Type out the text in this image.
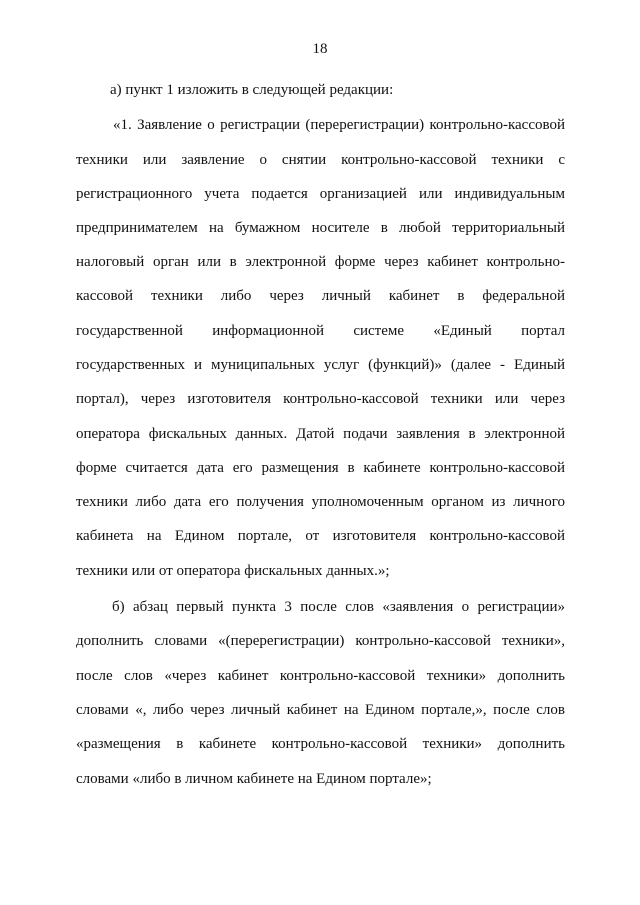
18
а) пункт 1 изложить в следующей редакции:
«1. Заявление о регистрации (перерегистрации) контрольно-кассовой
техники или заявление о снятии контрольно-кассовой техники с
регистрационного учета подается организацией или индивидуальным
предпринимателем на бумажном носителе в любой территориальный
налоговый орган или в электронной форме через кабинет контрольно-
кассовой техники либо через личный кабинет в федеральной
государственной информационной системе «Единый портал
государственных и муниципальных услуг (функций)» (далее - Единый
портал), через изготовителя контрольно-кассовой техники или через
оператора фискальных данных. Датой подачи заявления в электронной
форме считается дата его размещения в кабинете контрольно-кассовой
техники либо дата его получения уполномоченным органом из личного
кабинета на Едином портале, от изготовителя контрольно-кассовой
техники или от оператора фискальных данных.»;
б) абзац первый пункта 3 после слов «заявления о регистрации»
дополнить словами «(перерегистрации) контрольно-кассовой техники»,
после слов «через кабинет контрольно-кассовой техники» дополнить
словами «, либо через личный кабинет на Едином портале,», после слов
«размещения в кабинете контрольно-кассовой техники» дополнить
словами «либо в личном кабинете на Едином портале»;
